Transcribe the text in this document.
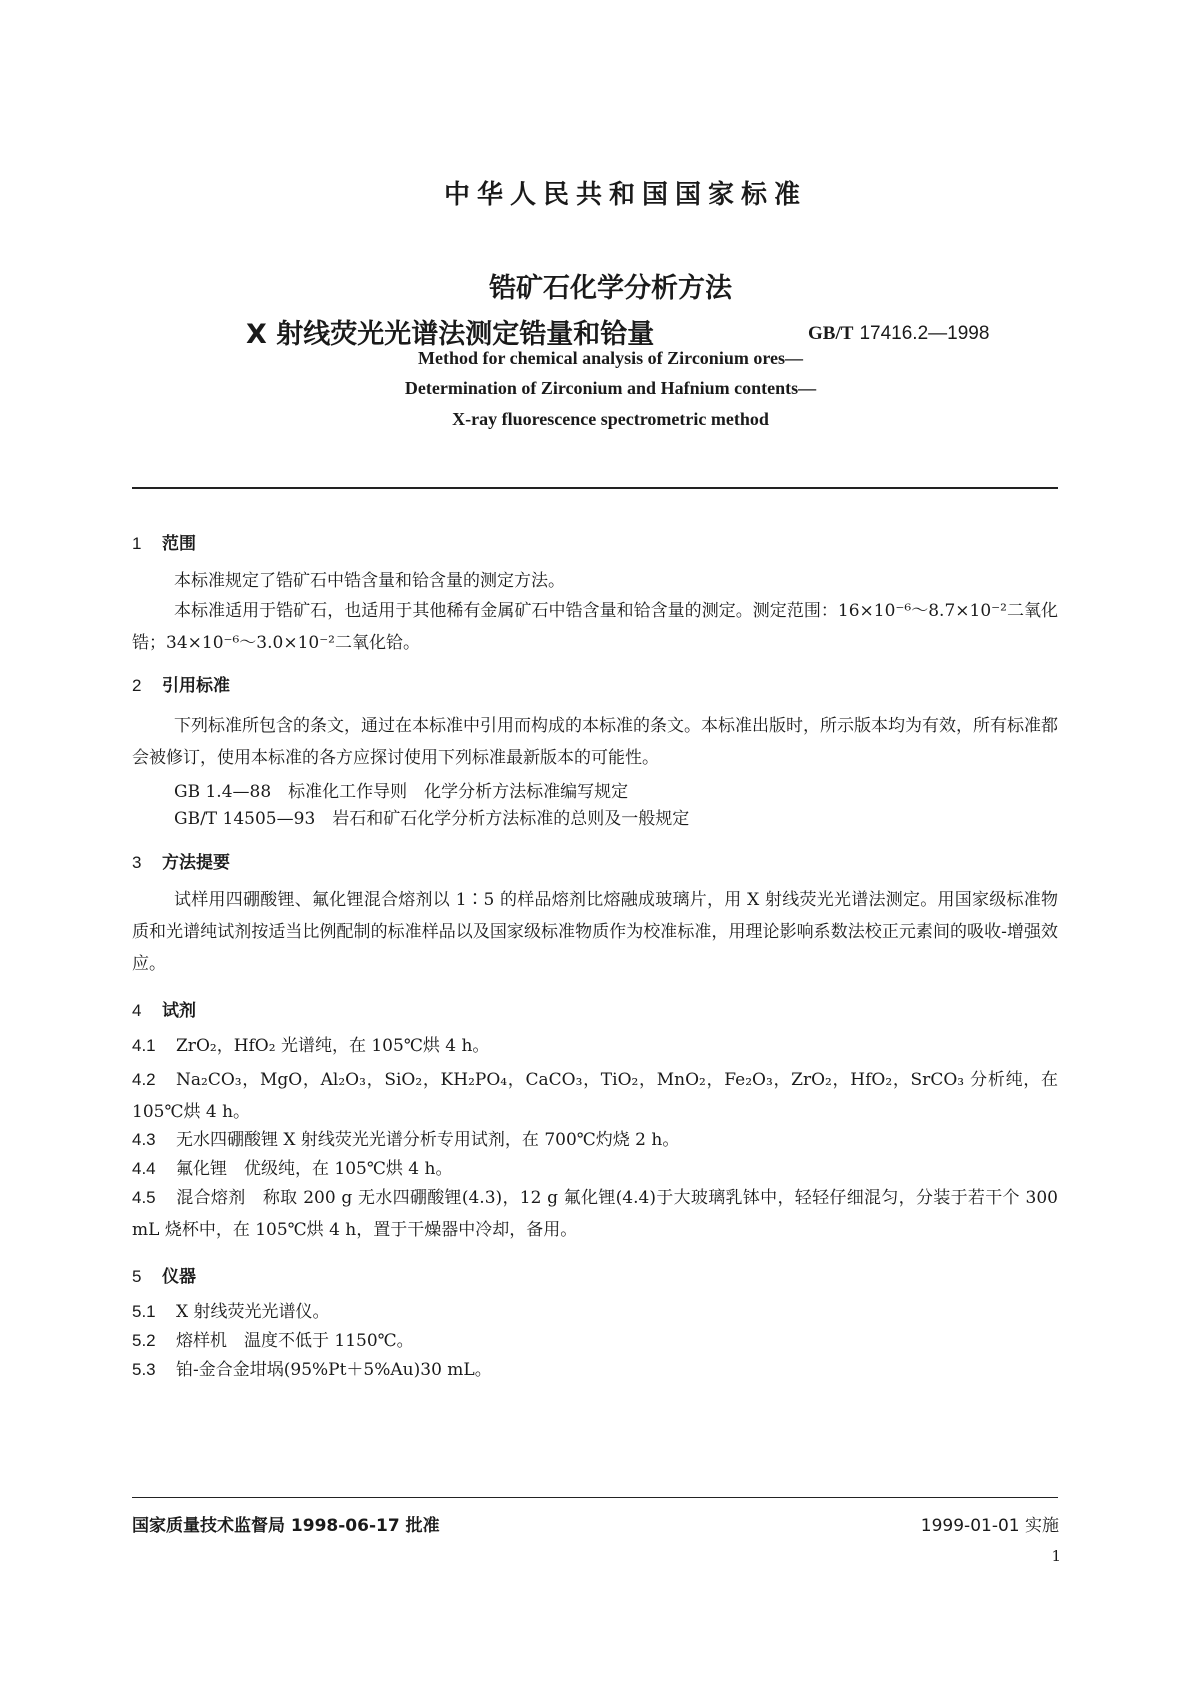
中华人民共和国国家标准
锆矿石化学分析方法
X 射线荧光光谱法测定锆量和铪量	GB/T 17416.2—1998
Method for chemical analysis of Zirconium ores—
Determination of Zirconium and Hafnium contents—
X-ray fluorescence spectrometric method
1 范围
本标准规定了锆矿石中锆含量和铪含量的测定方法。
本标准适用于锆矿石，也适用于其他稀有金属矿石中锆含量和铪含量的测定。测定范围：16×10⁻⁶～8.7×10⁻²二氧化锆；34×10⁻⁶～3.0×10⁻²二氧化铪。
2 引用标准
下列标准所包含的条文，通过在本标准中引用而构成的本标准的条文。本标准出版时，所示版本均为有效，所有标准都会被修订，使用本标准的各方应探讨使用下列标准最新版本的可能性。
GB 1.4—88　标准化工作导则　化学分析方法标准编写规定
GB/T 14505—93　岩石和矿石化学分析方法标准的总则及一般规定
3 方法提要
试样用四硼酸锂、氟化锂混合熔剂以 1∶5 的样品熔剂比熔融成玻璃片，用 X 射线荧光光谱法测定。用国家级标准物质和光谱纯试剂按适当比例配制的标准样品以及国家级标准物质作为校准标准，用理论影响系数法校正元素间的吸收-增强效应。
4 试剂
4.1 ZrO₂，HfO₂ 光谱纯，在 105℃烘 4 h。
4.2 Na₂CO₃，MgO，Al₂O₃，SiO₂，KH₂PO₄，CaCO₃，TiO₂，MnO₂，Fe₂O₃，ZrO₂，HfO₂，SrCO₃ 分析纯，在 105℃烘 4 h。
4.3 无水四硼酸锂 X 射线荧光光谱分析专用试剂，在 700℃灼烧 2 h。
4.4 氟化锂　优级纯，在 105℃烘 4 h。
4.5 混合熔剂　称取 200 g 无水四硼酸锂(4.3)，12 g 氟化锂(4.4)于大玻璃乳钵中，轻轻仔细混匀，分装于若干个 300 mL 烧杯中，在 105℃烘 4 h，置于干燥器中冷却，备用。
5 仪器
5.1 X 射线荧光光谱仪。
5.2 熔样机　温度不低于 1150℃。
5.3 铂-金合金坩埚(95%Pt＋5%Au)30 mL。
国家质量技术监督局 1998-06-17 批准	1999-01-01 实施
1
